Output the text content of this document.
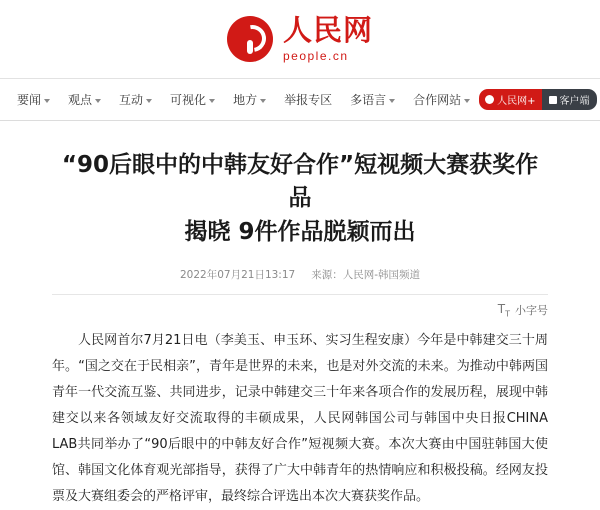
人民网
people.cn
要闻 观点 互动 可视化 地方 举报专区 多语言 合作网站	人民网+ 客户端
“90后眼中的中韩友好合作”短视频大赛获奖作品
揭晓 9件作品脱颖而出
2022年07月21日13:17 来源：人民网-韩国频道
$T_T$ 小字号

人民网首尔7月21日电（李美玉、申玉环、实习生程安康）今年是中韩建交三十周年。“国之交在于民相亲”，青年是世界的未来，也是对外交流的未来。为推动中韩两国青年一代交流互鉴、共同进步，记录中韩建交三十年来各项合作的发展历程，展现中韩建交以来各领域友好交流取得的丰硕成果，人民网韩国公司与韩国中央日报CHINA LAB共同举办了“90后眼中的中韩友好合作”短视频大赛。本次大赛由中国驻韩国大使馆、韩国文化体育观光部指导，获得了广大中韩青年的热情响应和积极投稿。经网友投票及大赛组委会的严格评审，最终综合评选出本次大赛获奖作品。
